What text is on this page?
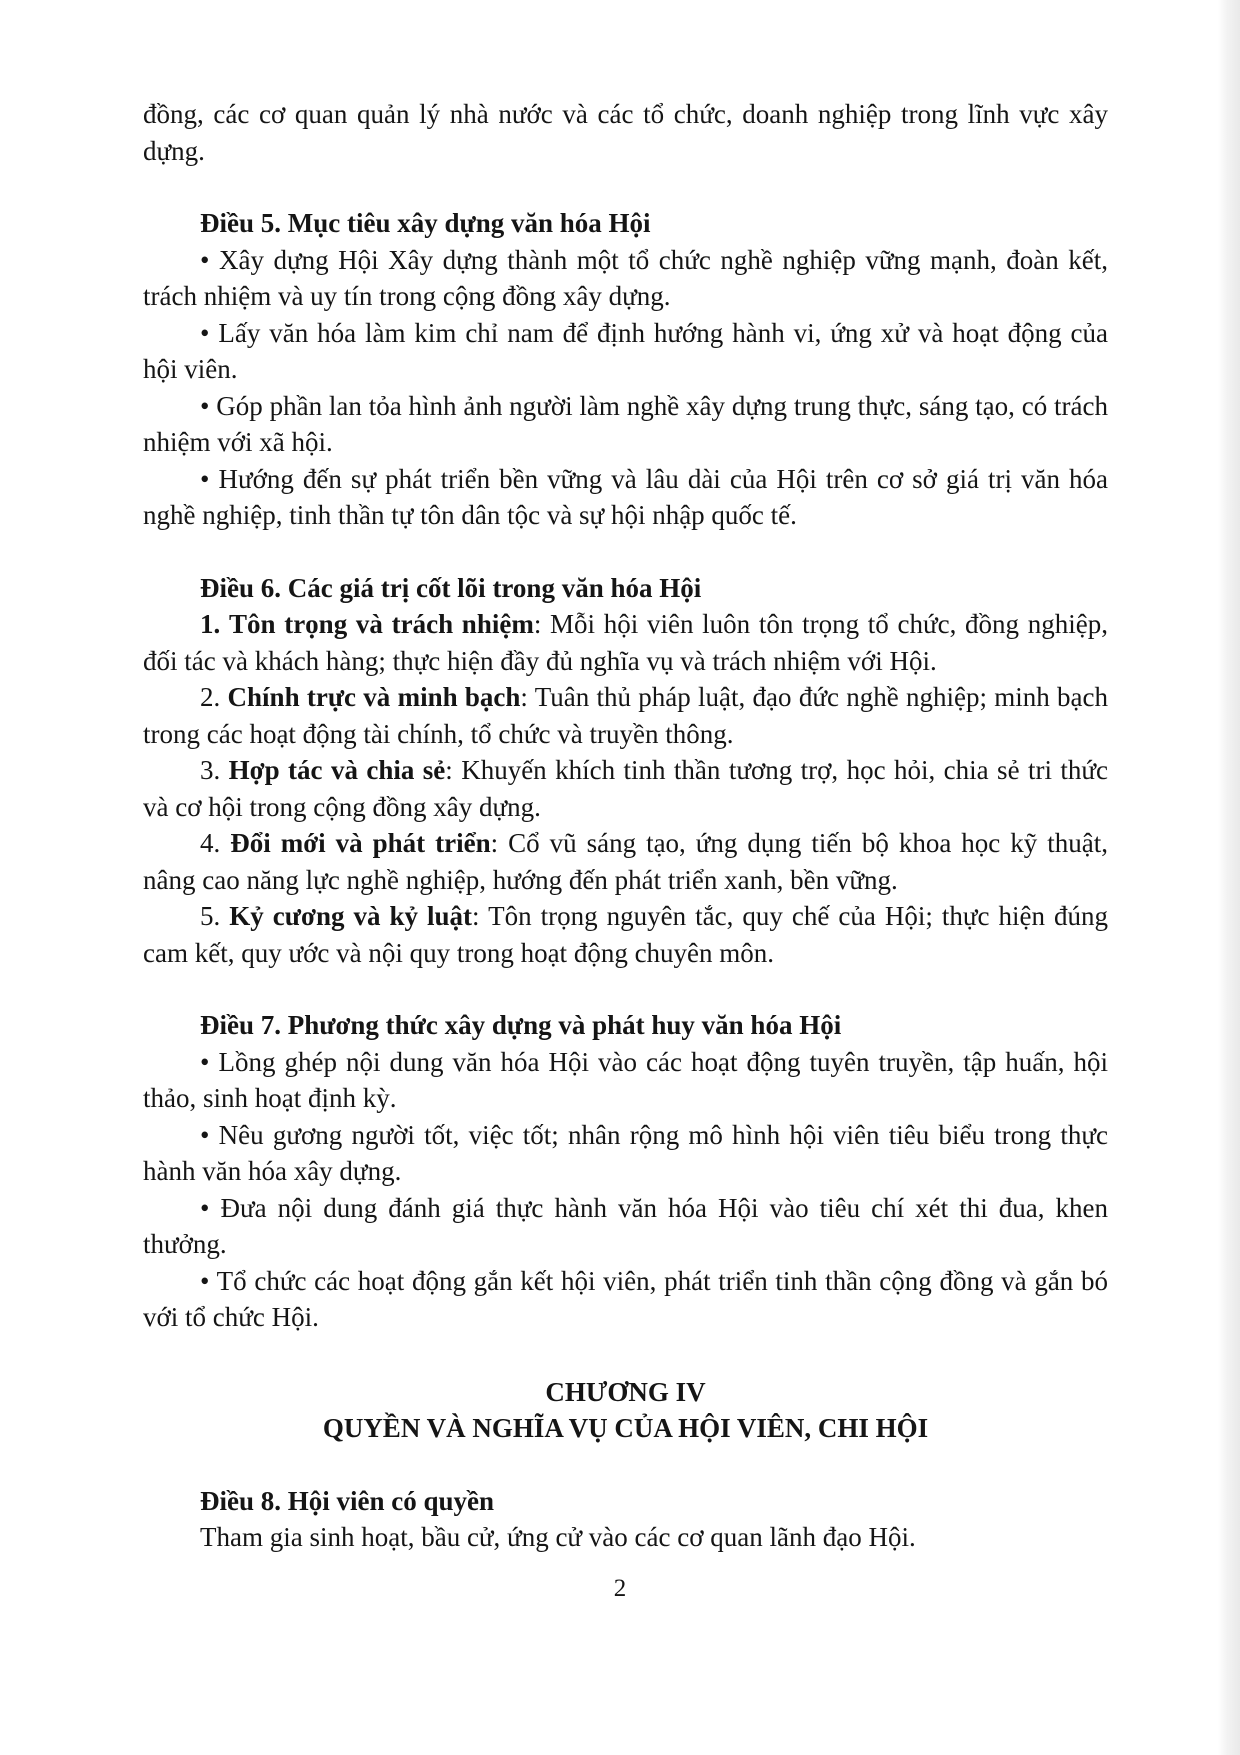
đồng, các cơ quan quản lý nhà nước và các tổ chức, doanh nghiệp trong lĩnh vực xây dựng.

Điều 5. Mục tiêu xây dựng văn hóa Hội

• Xây dựng Hội Xây dựng thành một tổ chức nghề nghiệp vững mạnh, đoàn kết, trách nhiệm và uy tín trong cộng đồng xây dựng.

• Lấy văn hóa làm kim chỉ nam để định hướng hành vi, ứng xử và hoạt động của hội viên.

• Góp phần lan tỏa hình ảnh người làm nghề xây dựng trung thực, sáng tạo, có trách nhiệm với xã hội.

• Hướng đến sự phát triển bền vững và lâu dài của Hội trên cơ sở giá trị văn hóa nghề nghiệp, tinh thần tự tôn dân tộc và sự hội nhập quốc tế.

Điều 6. Các giá trị cốt lõi trong văn hóa Hội

1. Tôn trọng và trách nhiệm: Mỗi hội viên luôn tôn trọng tổ chức, đồng nghiệp, đối tác và khách hàng; thực hiện đầy đủ nghĩa vụ và trách nhiệm với Hội.

2. Chính trực và minh bạch: Tuân thủ pháp luật, đạo đức nghề nghiệp; minh bạch trong các hoạt động tài chính, tổ chức và truyền thông.

3. Hợp tác và chia sẻ: Khuyến khích tinh thần tương trợ, học hỏi, chia sẻ tri thức và cơ hội trong cộng đồng xây dựng.

4. Đổi mới và phát triển: Cổ vũ sáng tạo, ứng dụng tiến bộ khoa học kỹ thuật, nâng cao năng lực nghề nghiệp, hướng đến phát triển xanh, bền vững.

5. Kỷ cương và kỷ luật: Tôn trọng nguyên tắc, quy chế của Hội; thực hiện đúng cam kết, quy ước và nội quy trong hoạt động chuyên môn.

Điều 7. Phương thức xây dựng và phát huy văn hóa Hội

• Lồng ghép nội dung văn hóa Hội vào các hoạt động tuyên truyền, tập huấn, hội thảo, sinh hoạt định kỳ.

• Nêu gương người tốt, việc tốt; nhân rộng mô hình hội viên tiêu biểu trong thực hành văn hóa xây dựng.

• Đưa nội dung đánh giá thực hành văn hóa Hội vào tiêu chí xét thi đua, khen thưởng.

• Tổ chức các hoạt động gắn kết hội viên, phát triển tinh thần cộng đồng và gắn bó với tổ chức Hội.

CHƯƠNG IV

QUYỀN VÀ NGHĨA VỤ CỦA HỘI VIÊN, CHI HỘI

Điều 8. Hội viên có quyền

Tham gia sinh hoạt, bầu cử, ứng cử vào các cơ quan lãnh đạo Hội.

2
